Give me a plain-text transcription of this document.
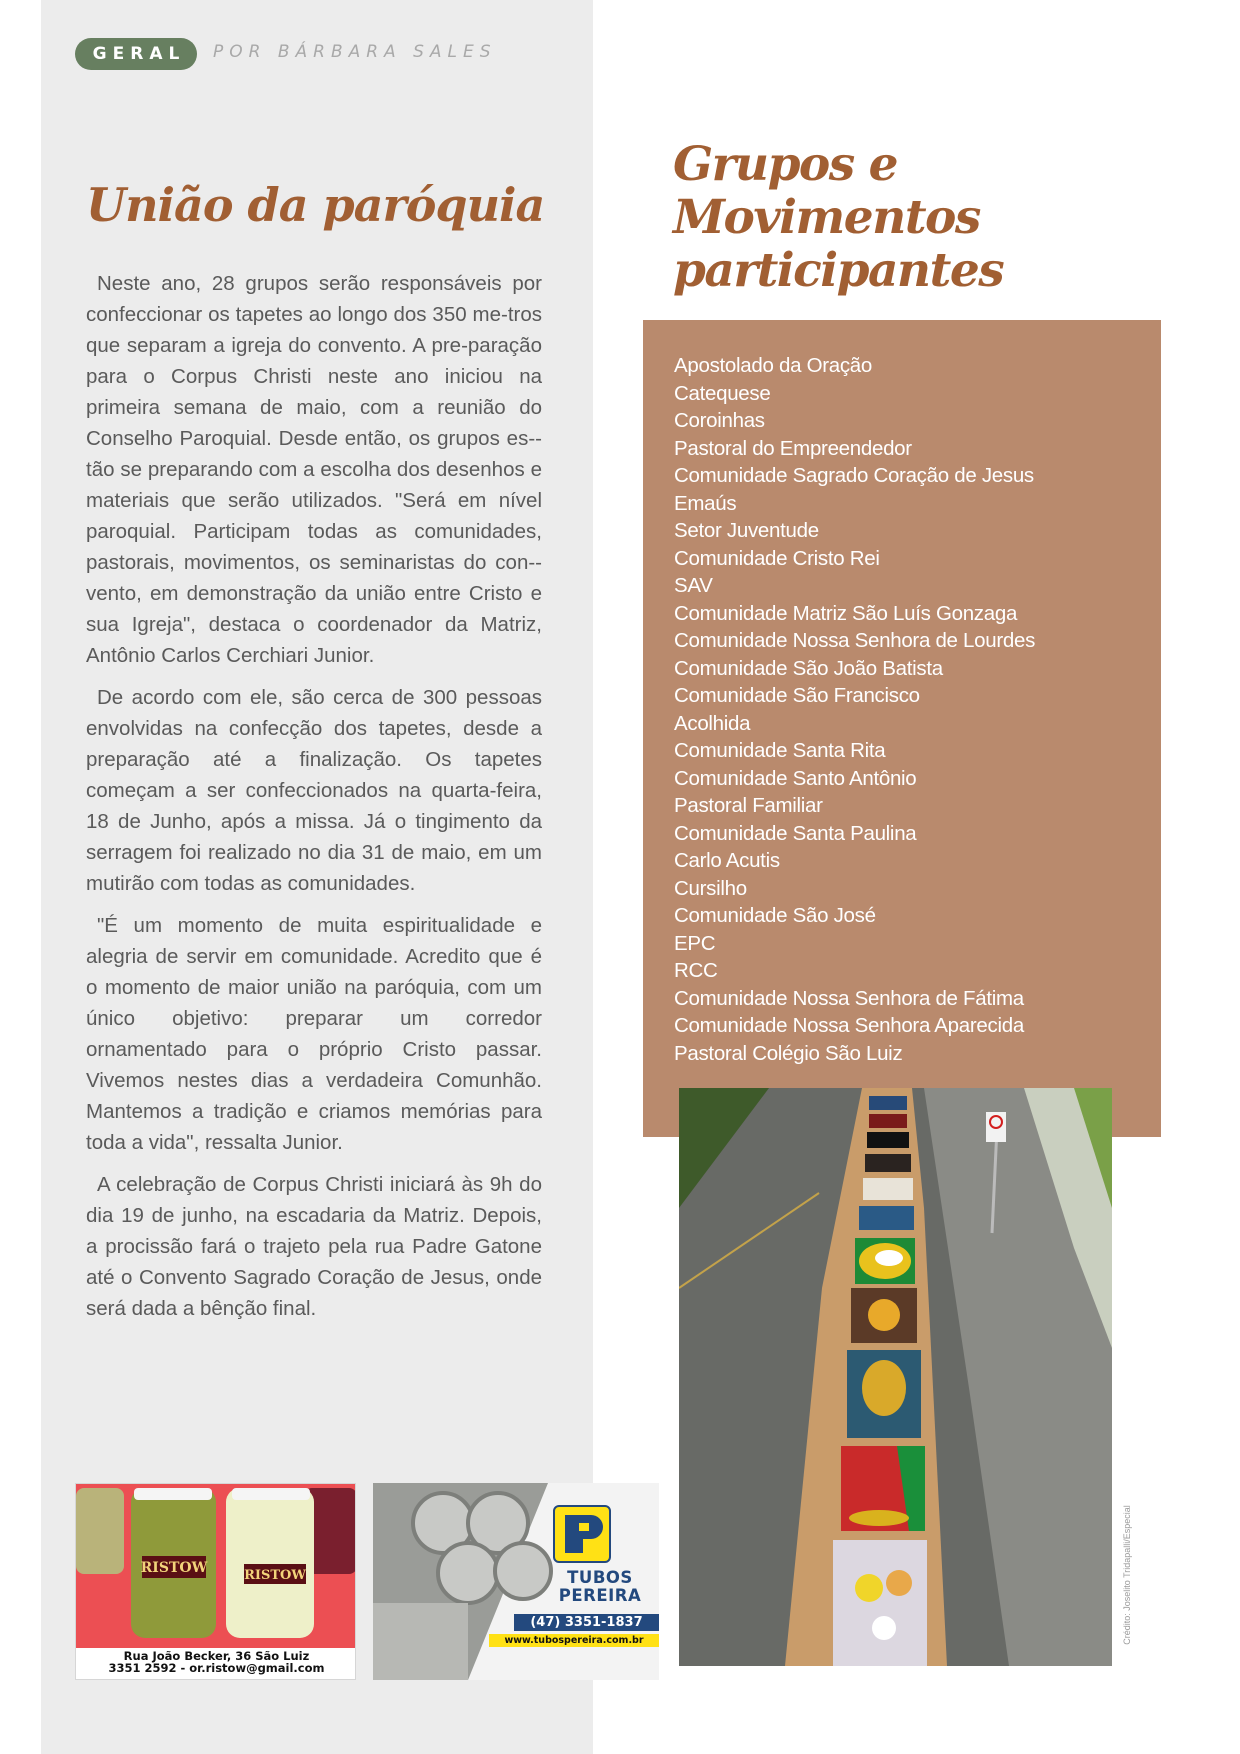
GERAL	POR BÁRBARA SALES
União da paróquia

Neste ano, 28 grupos serão responsáveis por confeccionar os tapetes ao longo dos 350 me-tros que separam a igreja do convento. A pre-paração para o Corpus Christi neste ano iniciou na primeira semana de maio, com a reunião do Conselho Paroquial. Desde então, os grupos es-tão se preparando com a escolha dos desenhos e materiais que serão utilizados. "Será em nível paroquial. Participam todas as comunidades, pastorais, movimentos, os seminaristas do con-vento, em demonstração da união entre Cristo e sua Igreja", destaca o coordenador da Matriz, Antônio Carlos Cerchiari Junior.

De acordo com ele, são cerca de 300 pessoas envolvidas na confecção dos tapetes, desde a preparação até a finalização. Os tapetes começam a ser confeccionados na quarta-feira, 18 de Junho, após a missa. Já o tingimento da serragem foi realizado no dia 31 de maio, em um mutirão com todas as comunidades.

"É um momento de muita espiritualidade e alegria de servir em comunidade. Acredito que é o momento de maior união na paróquia, com um único objetivo: preparar um corredor ornamentado para o próprio Cristo passar. Vivemos nestes dias a verdadeira Comunhão. Mantemos a tradição e criamos memórias para toda a vida", ressalta Junior.

A celebração de Corpus Christi iniciará às 9h do dia 19 de junho, na escadaria da Matriz. Depois, a procissão fará o trajeto pela rua Padre Gatone até o Convento Sagrado Coração de Jesus, onde será dada a bênção final.

Grupos e
Movimentos
participantes
Apostolado da Oração
Catequese
Coroinhas
Pastoral do Empreendedor
Comunidade Sagrado Coração de Jesus
Emaús
Setor Juventude
Comunidade Cristo Rei
SAV
Comunidade Matriz São Luís Gonzaga
Comunidade Nossa Senhora de Lourdes
Comunidade São João Batista
Comunidade São Francisco
Acolhida
Comunidade Santa Rita
Comunidade Santo Antônio
Pastoral Familiar
Comunidade Santa Paulina
Carlo Acutis
Cursilho
Comunidade São José
EPC
RCC
Comunidade Nossa Senhora de Fátima
Comunidade Nossa Senhora Aparecida
Pastoral Colégio São Luiz
Crédito: Joselito Tridapalli/Especial
RISTOW	RISTOW
Rua João Becker, 36 São Luiz
3351 2592 - or.ristow@gmail.com
TUBOS
PEREIRA
(47) 3351-1837
www.tubospereira.com.br
